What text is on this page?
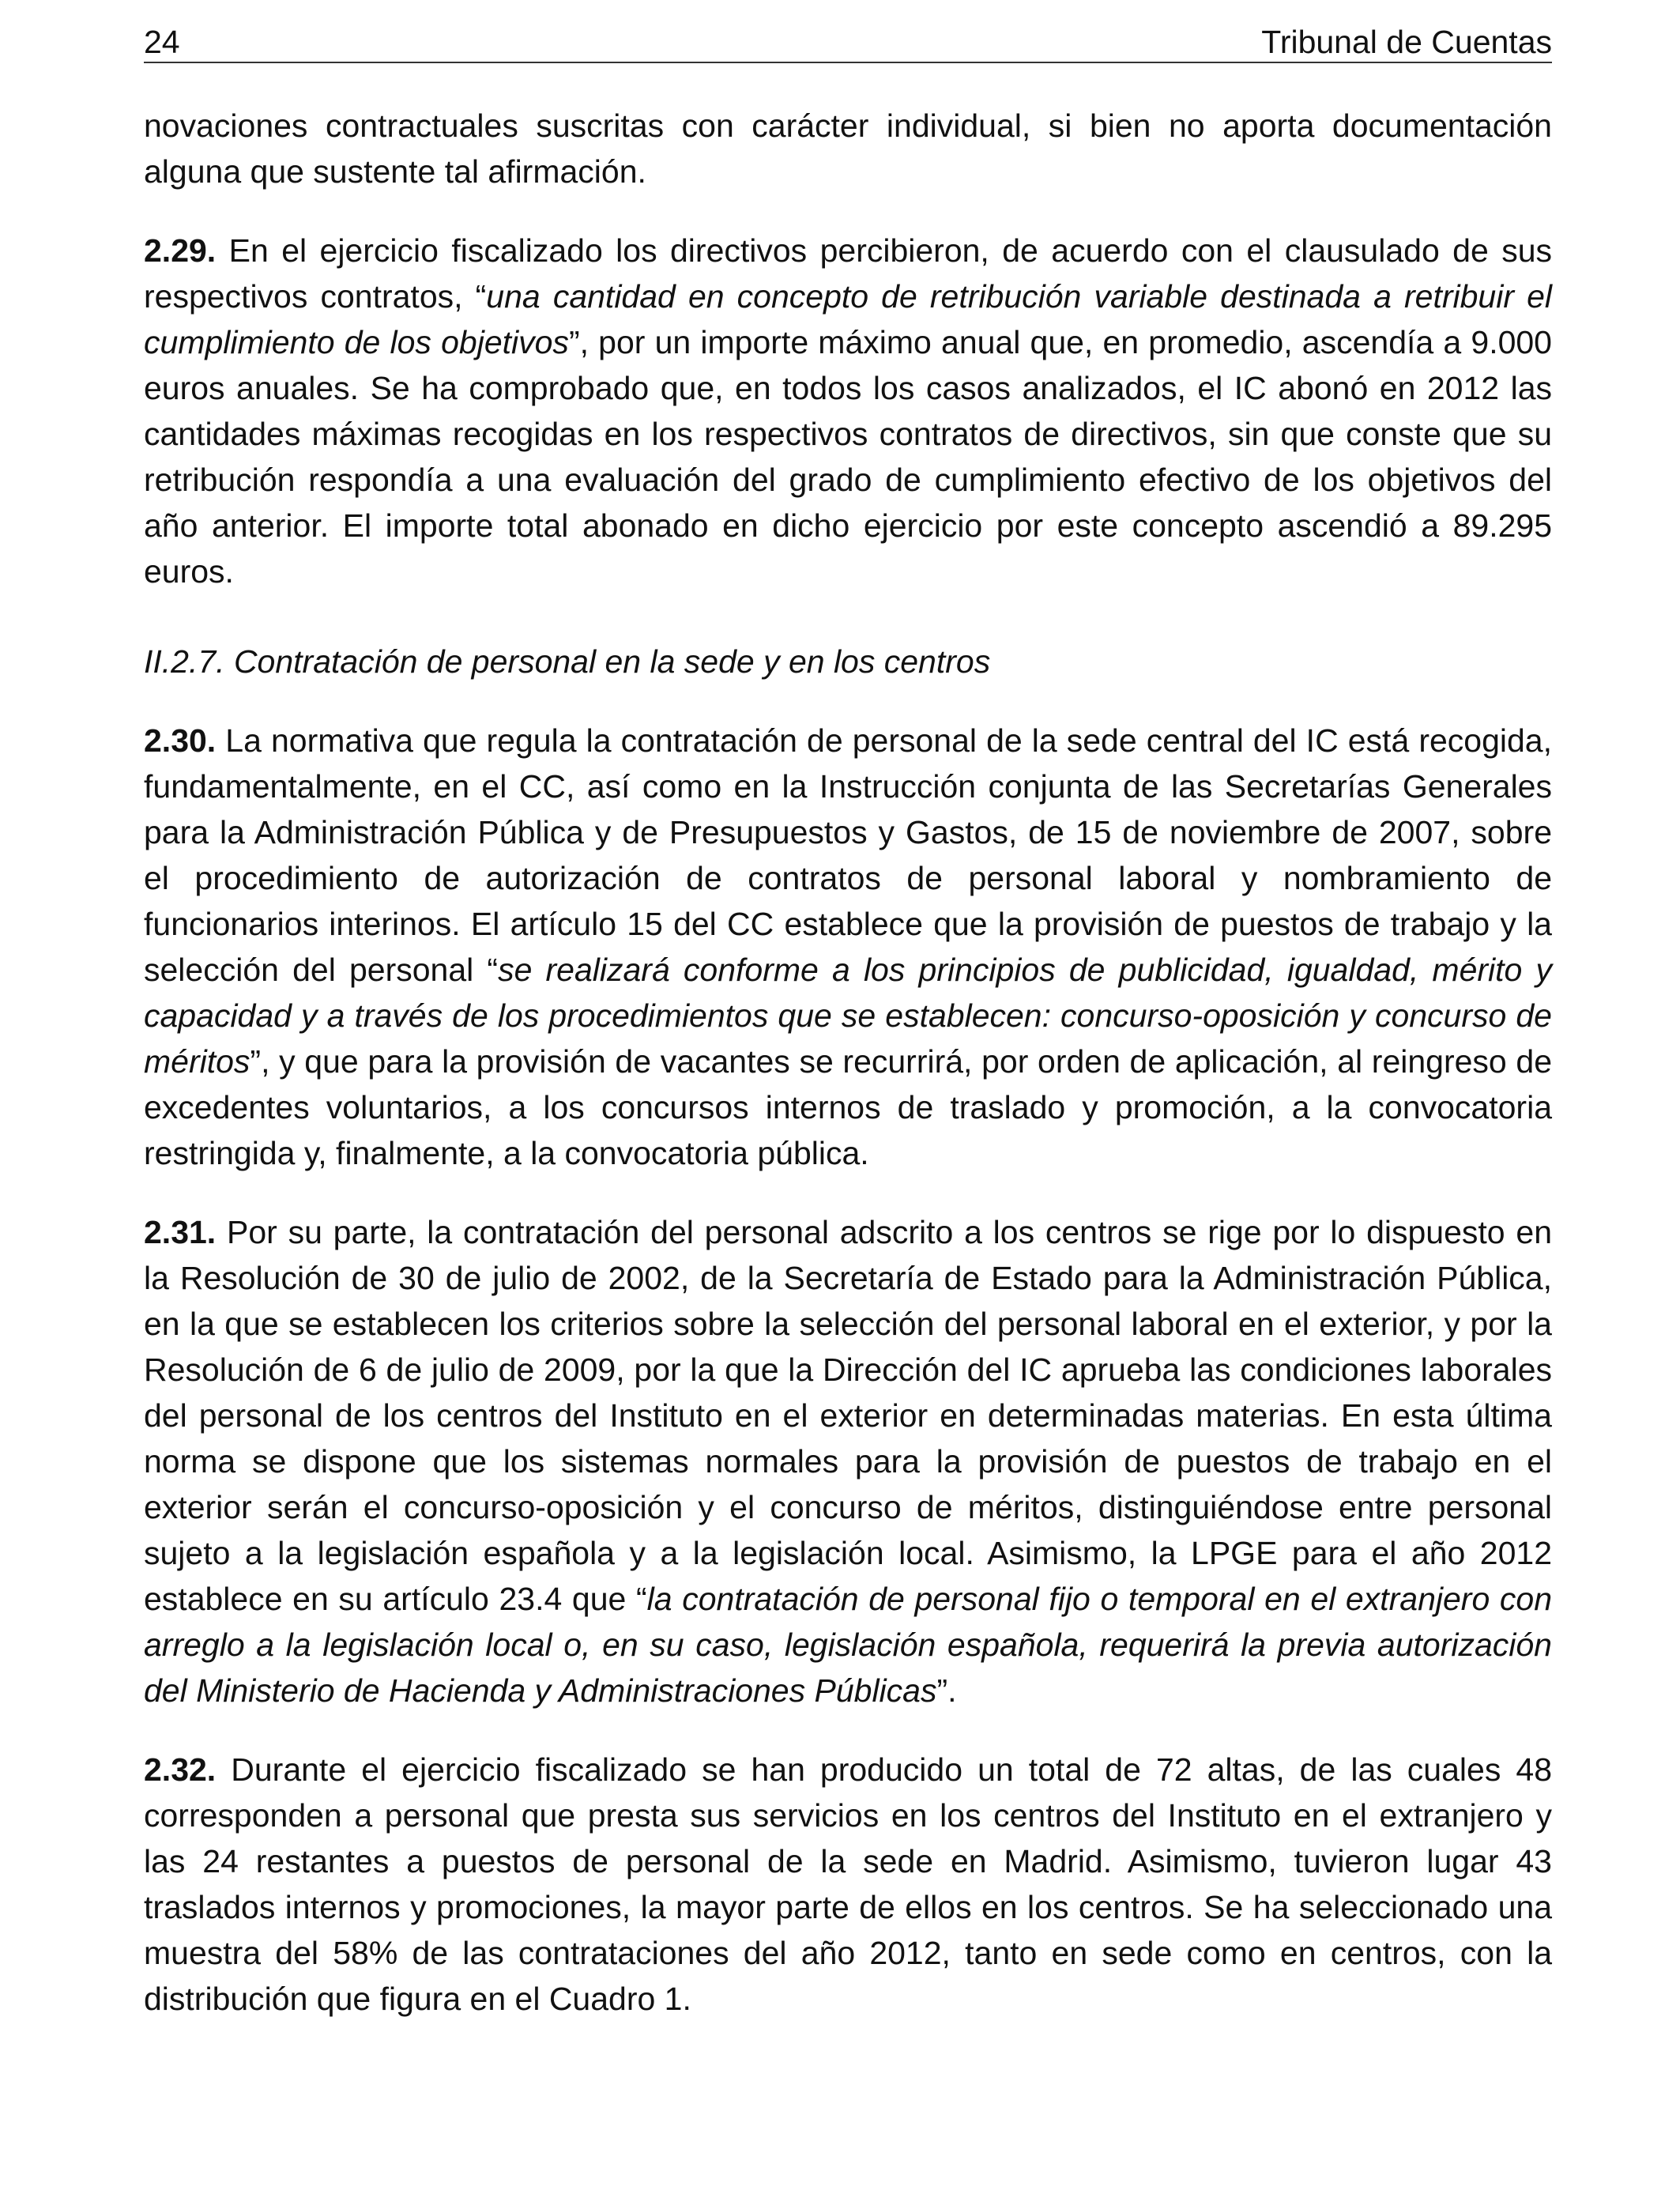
24	Tribunal de Cuentas

novaciones contractuales suscritas con carácter individual, si bien no aporta documentación alguna que sustente tal afirmación.

2.29. En el ejercicio fiscalizado los directivos percibieron, de acuerdo con el clausulado de sus respectivos contratos, “una cantidad en concepto de retribución variable destinada a retribuir el cumplimiento de los objetivos”, por un importe máximo anual que, en promedio, ascendía a 9.000 euros anuales. Se ha comprobado que, en todos los casos analizados, el IC abonó en 2012 las cantidades máximas recogidas en los respectivos contratos de directivos, sin que conste que su retribución respondía a una evaluación del grado de cumplimiento efectivo de los objetivos del año anterior. El importe total abonado en dicho ejercicio por este concepto ascendió a 89.295 euros.

II.2.7. Contratación de personal en la sede y en los centros

2.30. La normativa que regula la contratación de personal de la sede central del IC está recogida, fundamentalmente, en el CC, así como en la Instrucción conjunta de las Secretarías Generales para la Administración Pública y de Presupuestos y Gastos, de 15 de noviembre de 2007, sobre el procedimiento de autorización de contratos de personal laboral y nombramiento de funcionarios interinos. El artículo 15 del CC establece que la provisión de puestos de trabajo y la selección del personal “se realizará conforme a los principios de publicidad, igualdad, mérito y capacidad y a través de los procedimientos que se establecen: concurso-oposición y concurso de méritos”, y que para la provisión de vacantes se recurrirá, por orden de aplicación, al reingreso de excedentes voluntarios, a los concursos internos de traslado y promoción, a la convocatoria restringida y, finalmente, a la convocatoria pública.

2.31. Por su parte, la contratación del personal adscrito a los centros se rige por lo dispuesto en la Resolución de 30 de julio de 2002, de la Secretaría de Estado para la Administración Pública, en la que se establecen los criterios sobre la selección del personal laboral en el exterior, y por la Resolución de 6 de julio de 2009, por la que la Dirección del IC aprueba las condiciones laborales del personal de los centros del Instituto en el exterior en determinadas materias. En esta última norma se dispone que los sistemas normales para la provisión de puestos de trabajo en el exterior serán el concurso-oposición y el concurso de méritos, distinguiéndose entre personal sujeto a la legislación española y a la legislación local. Asimismo, la LPGE para el año 2012 establece en su artículo 23.4 que “la contratación de personal fijo o temporal en el extranjero con arreglo a la legislación local o, en su caso, legislación española, requerirá la previa autorización del Ministerio de Hacienda y Administraciones Públicas”.

2.32. Durante el ejercicio fiscalizado se han producido un total de 72 altas, de las cuales 48 corresponden a personal que presta sus servicios en los centros del Instituto en el extranjero y las 24 restantes a puestos de personal de la sede en Madrid. Asimismo, tuvieron lugar 43 traslados internos y promociones, la mayor parte de ellos en los centros. Se ha seleccionado una muestra del 58% de las contrataciones del año 2012, tanto en sede como en centros, con la distribución que figura en el Cuadro 1.
